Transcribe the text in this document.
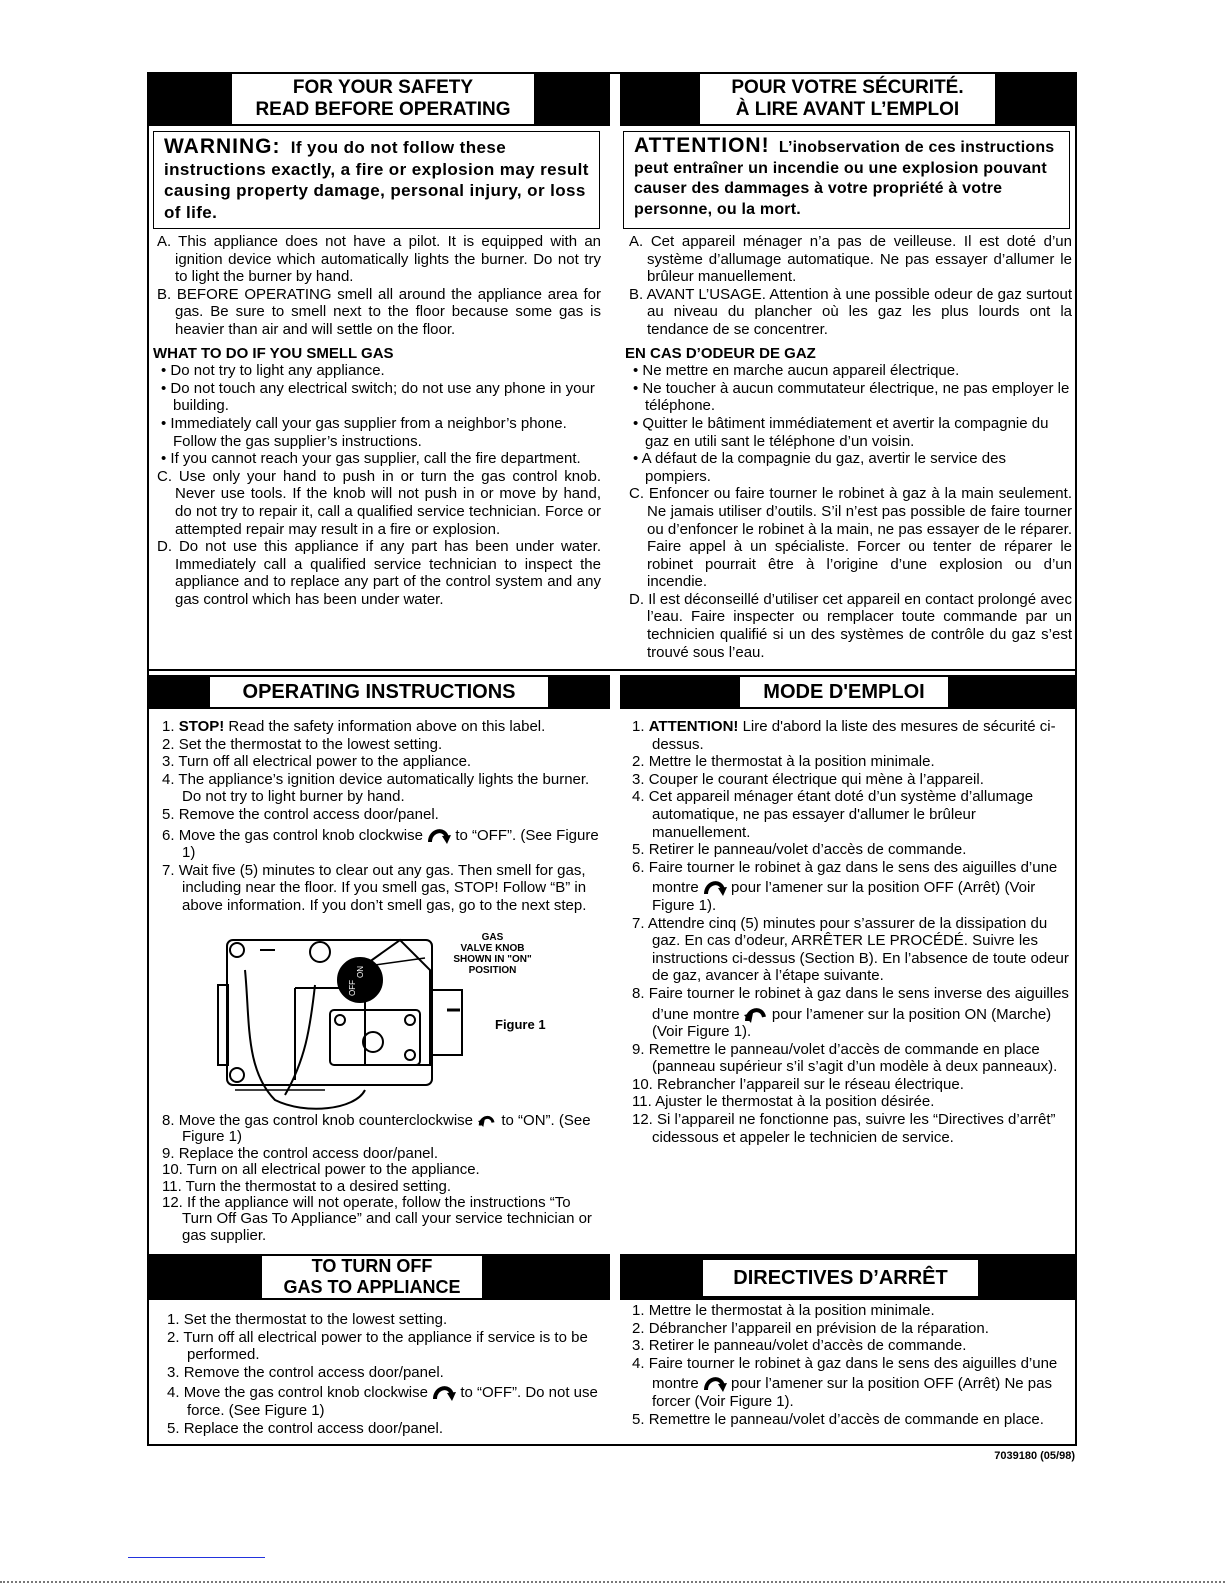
FOR YOUR SAFETY
READ BEFORE OPERATING
POUR VOTRE SÉCURITÉ.
À LIRE AVANT L’EMPLOI
WARNING: If you do not follow these instructions exactly, a fire or explosion may result causing property damage, personal injury, or loss of life.
ATTENTION! L’inobservation de ces instructions peut entraîner un incendie ou une explosion pouvant causer des dammages à votre propriété à votre personne, ou la mort.
A. This appliance does not have a pilot. It is equipped with an ignition device which automatically lights the burner. Do not try to light the burner by hand.
B. BEFORE OPERATING smell all around the appliance area for gas. Be sure to smell next to the floor because some gas is heavier than air and will settle on the floor.
WHAT TO DO IF YOU SMELL GAS
• Do not try to light any appliance.
• Do not touch any electrical switch; do not use any phone in your building.
• Immediately call your gas supplier from a neighbor’s phone. Follow the gas supplier’s instructions.
• If you cannot reach your gas supplier, call the fire department.
C. Use only your hand to push in or turn the gas control knob. Never use tools. If the knob will not push in or move by hand, do not try to repair it, call a qualified service technician. Force or attempted repair may result in a fire or explosion.
D. Do not use this appliance if any part has been under water. Immediately call a qualified service technician to inspect the appliance and to replace any part of the control system and any gas control which has been under water.
A. Cet appareil ménager n’a pas de veilleuse. Il est doté d’un système d’allumage automatique. Ne pas essayer d’allumer le brûleur manuellement.
B. AVANT L’USAGE. Attention à une possible odeur de gaz surtout au niveau du plancher où les gaz les plus lourds ont la tendance de se concentrer.
EN CAS D’ODEUR DE GAZ
• Ne mettre en marche aucun appareil électrique.
• Ne toucher à aucun commutateur électrique, ne pas employer le téléphone.
• Quitter le bâtiment immédiatement et avertir la compagnie du gaz en utili sant le téléphone d’un voisin.
• A défaut de la compagnie du gaz, avertir le service des pompiers.
C. Enfoncer ou faire tourner le robinet à gaz à la main seulement. Ne jamais utiliser d’outils. S’il n’est pas possible de faire tourner ou d’enfoncer le robinet à la main, ne pas essayer de le réparer. Faire appel à un spécialiste. Forcer ou tenter de réparer le robinet pourrait être à l’origine d’une explosion ou d’un incendie.
D. Il est déconseillé d’utiliser cet appareil en contact prolongé avec l’eau. Faire inspecter ou remplacer toute commande par un technicien qualifié si un des systèmes de contrôle du gaz s’est trouvé sous l’eau.
OPERATING INSTRUCTIONS	MODE D'EMPLOI
1. STOP! Read the safety information above on this label.
2. Set the thermostat to the lowest setting.
3. Turn off all electrical power to the appliance.
4. The appliance’s ignition device automatically lights the burner. Do not try to light burner by hand.
5. Remove the control access door/panel.
6. Move the gas control knob clockwise  to “OFF”. (See Figure 1)
7. Wait five (5) minutes to clear out any gas. Then smell for gas, including near the floor. If you smell gas, STOP! Follow “B” in above information. If you don’t smell gas, go to the next step.
ON
OFF
GAS
VALVE KNOB
SHOWN IN "ON"
POSITION
Figure 1
8. Move the gas control knob counterclockwise  to “ON”. (See Figure 1)
9. Replace the control access door/panel.
10. Turn on all electrical power to the appliance.
11. Turn the thermostat to a desired setting.
12. If the appliance will not operate, follow the instructions “To Turn Off Gas To Appliance” and call your service technician or gas supplier.
1. ATTENTION! Lire d'abord la liste des mesures de sécurité ci-dessus.
2. Mettre le thermostat à la position minimale.
3. Couper le courant électrique qui mène à l’appareil.
4. Cet appareil ménager étant doté d’un système d’allumage automatique, ne pas essayer d'allumer le brûleur manuellement.
5. Retirer le panneau/volet d’accès de commande.
6. Faire tourner le robinet à gaz dans le sens des aiguilles d’une montre  pour l’amener sur la position OFF (Arrêt) (Voir Figure 1).
7. Attendre cinq (5) minutes pour s’assurer de la dissipation du gaz. En cas d’odeur, ARRÊTER LE PROCÉDÉ. Suivre les instructions ci-dessus (Section B). En l’absence de toute odeur de gaz, avancer à l’étape suivante.
8. Faire tourner le robinet à gaz dans le sens inverse des aiguilles d’une montre  pour l’amener sur la position ON (Marche) (Voir Figure 1).
9. Remettre le panneau/volet d’accès de commande en place (panneau supérieur s’il s’agit d’un modèle à deux panneaux).
10. Rebrancher l’appareil sur le réseau électrique.
11. Ajuster le thermostat à la position désirée.
12. Si l’appareil ne fonctionne pas, suivre les “Directives d’arrêt” cidessous et appeler le technicien de service.
TO TURN OFF
GAS TO APPLIANCE	DIRECTIVES D’ARRÊT
1. Set the thermostat to the lowest setting.
2. Turn off all electrical power to the appliance if service is to be performed.
3. Remove the control access door/panel.
4. Move the gas control knob clockwise  to “OFF”. Do not use force. (See Figure 1)
5. Replace the control access door/panel.
1. Mettre le thermostat à la position minimale.
2. Débrancher l’appareil en prévision de la réparation.
3. Retirer le panneau/volet d’accès de commande.
4. Faire tourner le robinet à gaz dans le sens des aiguilles d’une montre  pour l’amener sur la position OFF (Arrêt) Ne pas forcer (Voir Figure 1).
5. Remettre le panneau/volet d’accès de commande en place.
7039180 (05/98)
